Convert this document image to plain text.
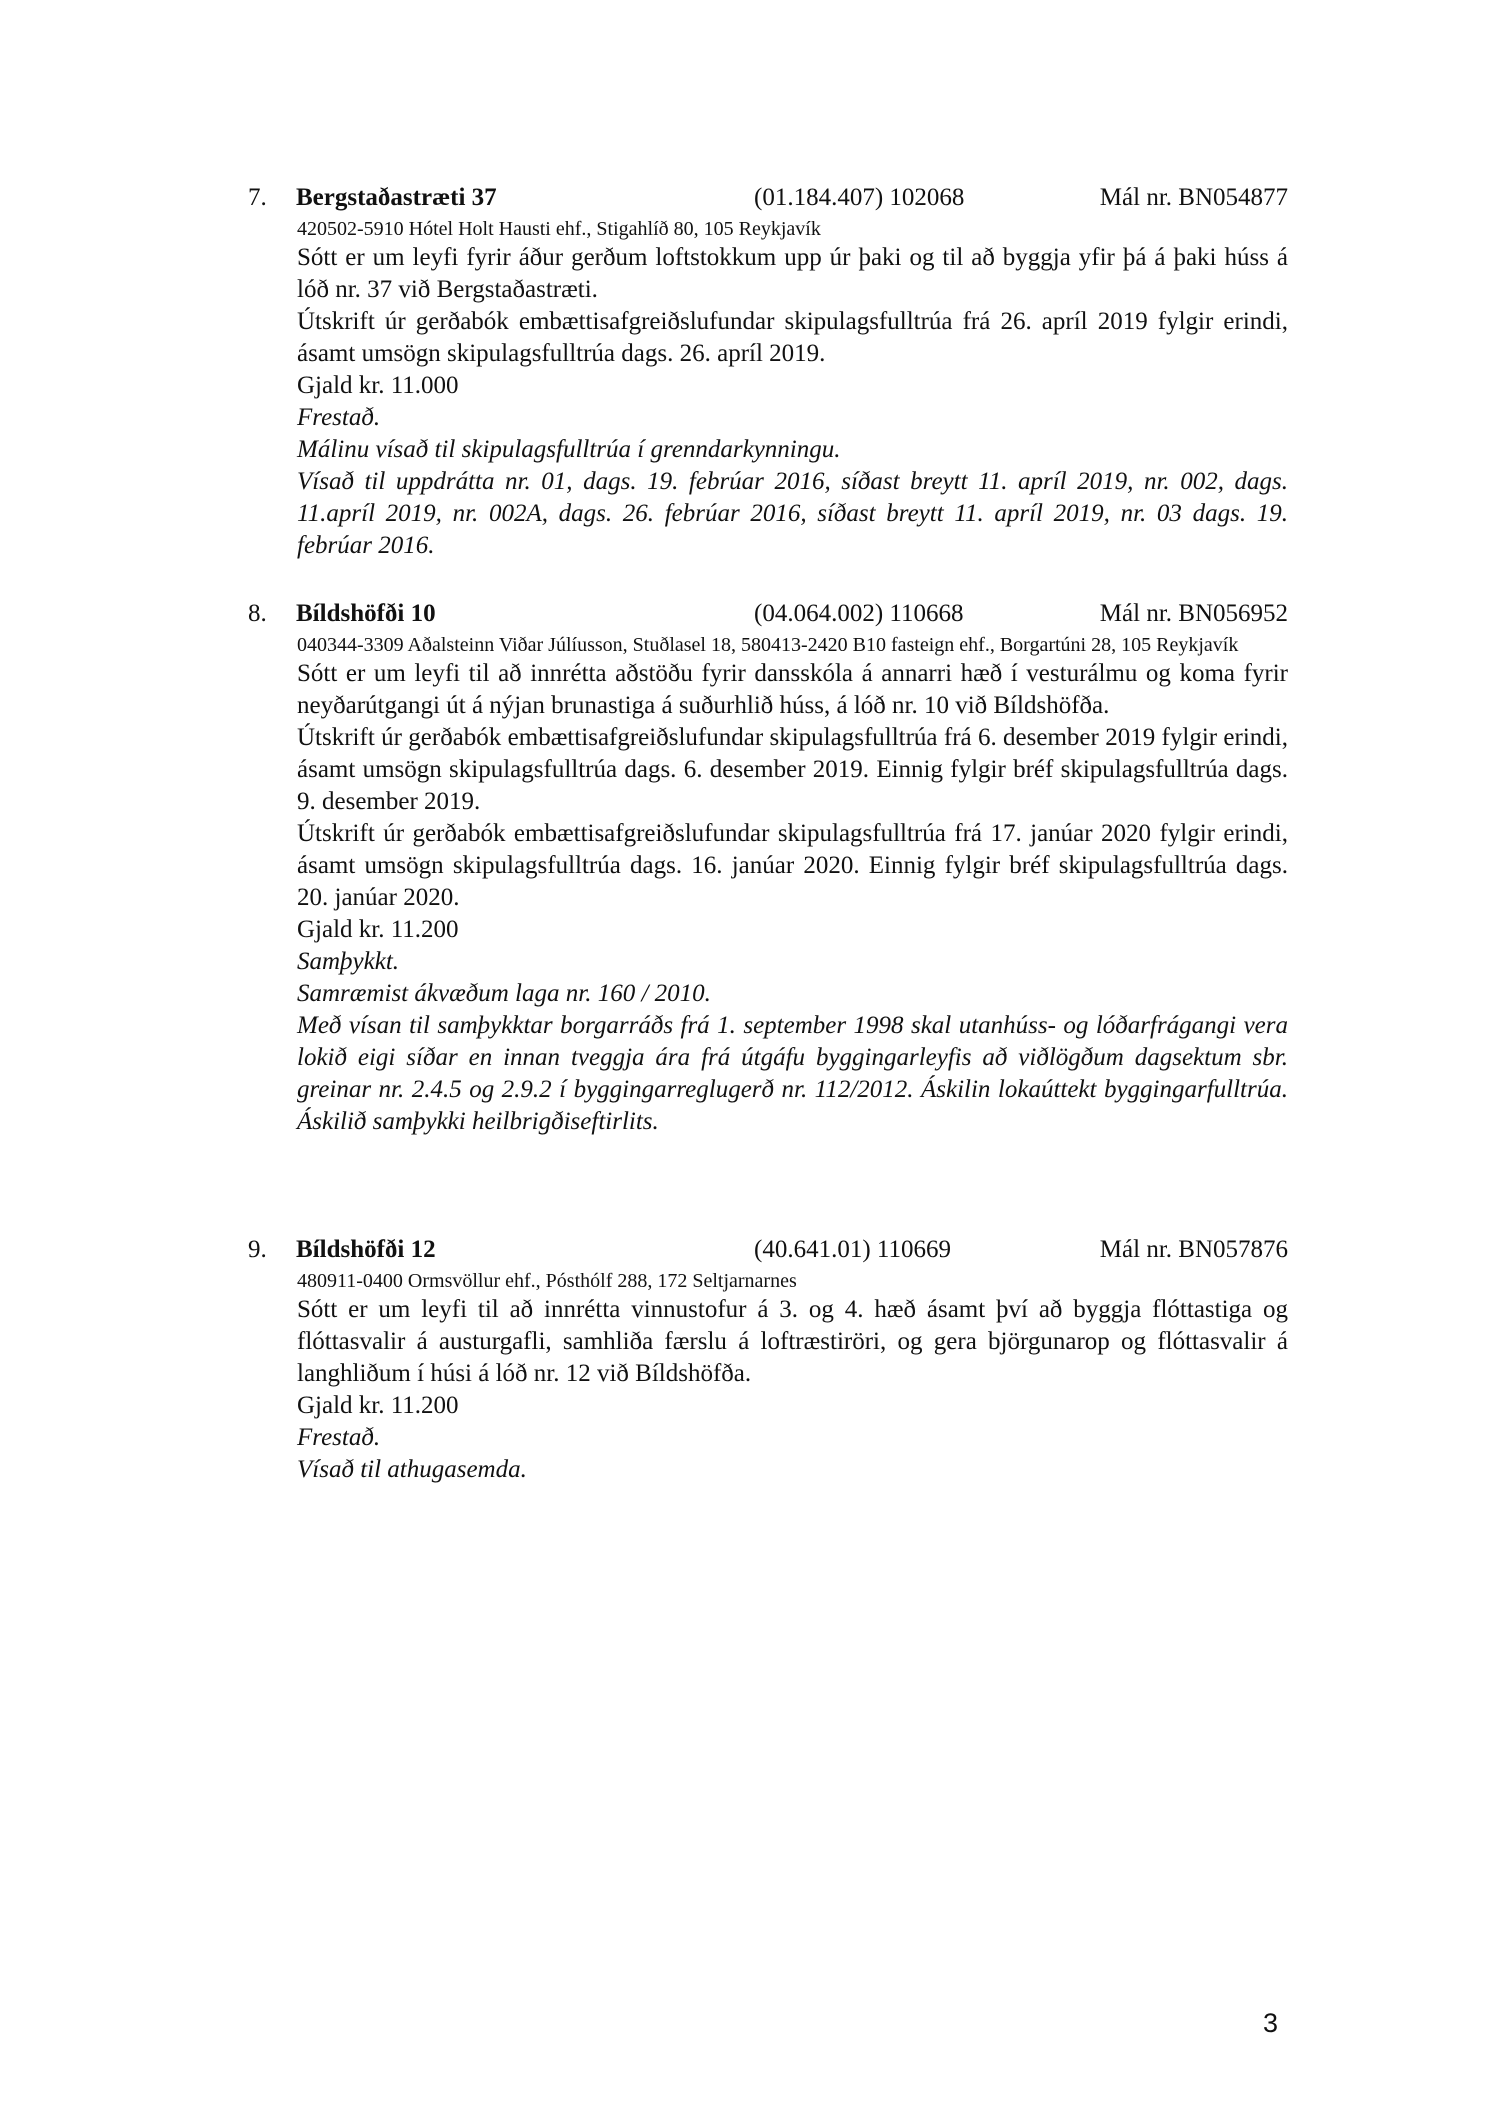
7. Bergstaðastræti 37	(01.184.407) 102068	Mál nr. BN054877
420502-5910 Hótel Holt Hausti ehf., Stigahlíð 80, 105 Reykjavík

Sótt er um leyfi fyrir áður gerðum loftstokkum upp úr þaki og til að byggja yfir þá á þaki húss á lóð nr. 37 við Bergstaðastræti.

Útskrift úr gerðabók embættisafgreiðslufundar skipulagsfulltrúa frá 26. apríl 2019 fylgir erindi, ásamt umsögn skipulagsfulltrúa dags. 26. apríl 2019.

Gjald kr. 11.000

Frestað.

Málinu vísað til skipulagsfulltrúa í grenndarkynningu.

Vísað til uppdrátta nr. 01, dags. 19. febrúar 2016, síðast breytt 11. apríl 2019, nr. 002, dags. 11.apríl 2019, nr. 002A, dags. 26. febrúar 2016, síðast breytt 11. apríl 2019, nr. 03 dags. 19. febrúar 2016.

8. Bíldshöfði 10	(04.064.002) 110668	Mál nr. BN056952
040344-3309 Aðalsteinn Viðar Júlíusson, Stuðlasel 18, 580413-2420 B10 fasteign ehf., Borgartúni 28, 105 Reykjavík

Sótt er um leyfi til að innrétta aðstöðu fyrir dansskóla á annarri hæð í vesturálmu og koma fyrir neyðarútgangi út á nýjan brunastiga á suðurhlið húss, á lóð nr. 10 við Bíldshöfða.

Útskrift úr gerðabók embættisafgreiðslufundar skipulagsfulltrúa frá 6. desember 2019 fylgir erindi, ásamt umsögn skipulagsfulltrúa dags. 6. desember 2019. Einnig fylgir bréf skipulagsfulltrúa dags. 9. desember 2019.

Útskrift úr gerðabók embættisafgreiðslufundar skipulagsfulltrúa frá 17. janúar 2020 fylgir erindi, ásamt umsögn skipulagsfulltrúa dags. 16. janúar 2020. Einnig fylgir bréf skipulagsfulltrúa dags. 20. janúar 2020.

Gjald kr. 11.200

Samþykkt.

Samræmist ákvæðum laga nr. 160 / 2010.

Með vísan til samþykktar borgarráðs frá 1. september 1998 skal utanhúss- og lóðarfrágangi vera lokið eigi síðar en innan tveggja ára frá útgáfu byggingarleyfis að viðlögðum dagsektum sbr. greinar nr. 2.4.5 og 2.9.2 í byggingarreglugerð nr. 112/2012. Áskilin lokaúttekt byggingarfulltrúa. Áskilið samþykki heilbrigðiseftirlits.

9. Bíldshöfði 12	(40.641.01) 110669	Mál nr. BN057876
480911-0400 Ormsvöllur ehf., Pósthólf 288, 172 Seltjarnarnes

Sótt er um leyfi til að innrétta vinnustofur á 3. og 4. hæð ásamt því að byggja flóttastiga og flóttasvalir á austurgafli, samhliða færslu á loftræstiröri, og gera björgunarop og flóttasvalir á langhliðum í húsi á lóð nr. 12 við Bíldshöfða.

Gjald kr. 11.200

Frestað.

Vísað til athugasemda.

3
